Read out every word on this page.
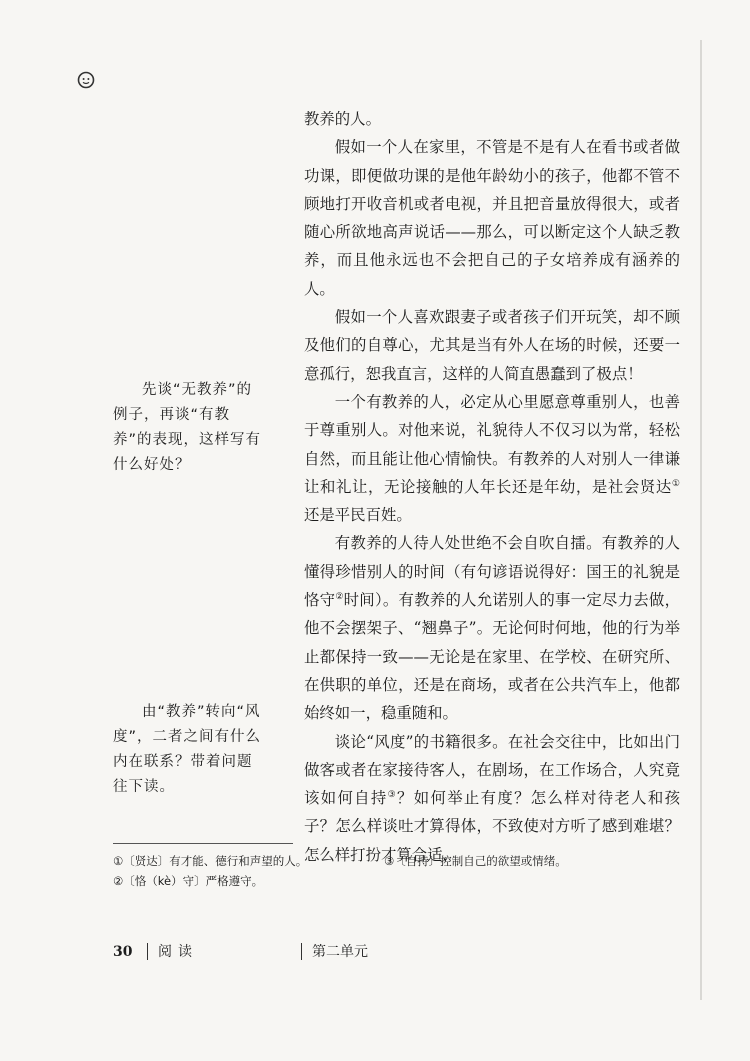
教养的人。

假如一个人在家里，不管是不是有人在看书或者做功课，即便做功课的是他年龄幼小的孩子，他都不管不顾地打开收音机或者电视，并且把音量放得很大，或者随心所欲地高声说话——那么，可以断定这个人缺乏教养，而且他永远也不会把自己的子女培养成有涵养的人。

假如一个人喜欢跟妻子或者孩子们开玩笑，却不顾及他们的自尊心，尤其是当有外人在场的时候，还要一意孤行，恕我直言，这样的人简直愚蠢到了极点！

一个有教养的人，必定从心里愿意尊重别人，也善于尊重别人。对他来说，礼貌待人不仅习以为常，轻松自然，而且能让他心情愉快。有教养的人对别人一律谦让和礼让，无论接触的人年长还是年幼，是社会贤达①还是平民百姓。

有教养的人待人处世绝不会自吹自擂。有教养的人懂得珍惜别人的时间（有句谚语说得好：国王的礼貌是恪守②时间）。有教养的人允诺别人的事一定尽力去做，他不会摆架子、“翘鼻子”。无论何时何地，他的行为举止都保持一致——无论是在家里、在学校、在研究所、在供职的单位，还是在商场，或者在公共汽车上，他都始终如一，稳重随和。

谈论“风度”的书籍很多。在社会交往中，比如出门做客或者在家接待客人，在剧场，在工作场合，人究竟该如何自持③？如何举止有度？怎么样对待老人和孩子？怎么样谈吐才算得体，不致使对方听了感到难堪？怎么样打扮才算合适，

先谈“无教养”的例子，再谈“有教养”的表现，这样写有什么好处？

由“教养”转向“风度”，二者之间有什么内在联系？带着问题往下读。

①〔贤达〕有才能、德行和声望的人。
②〔恪（kè）守〕严格遵守。
③〔自持〕控制自己的欲望或情绪。
30 阅读	第二单元
